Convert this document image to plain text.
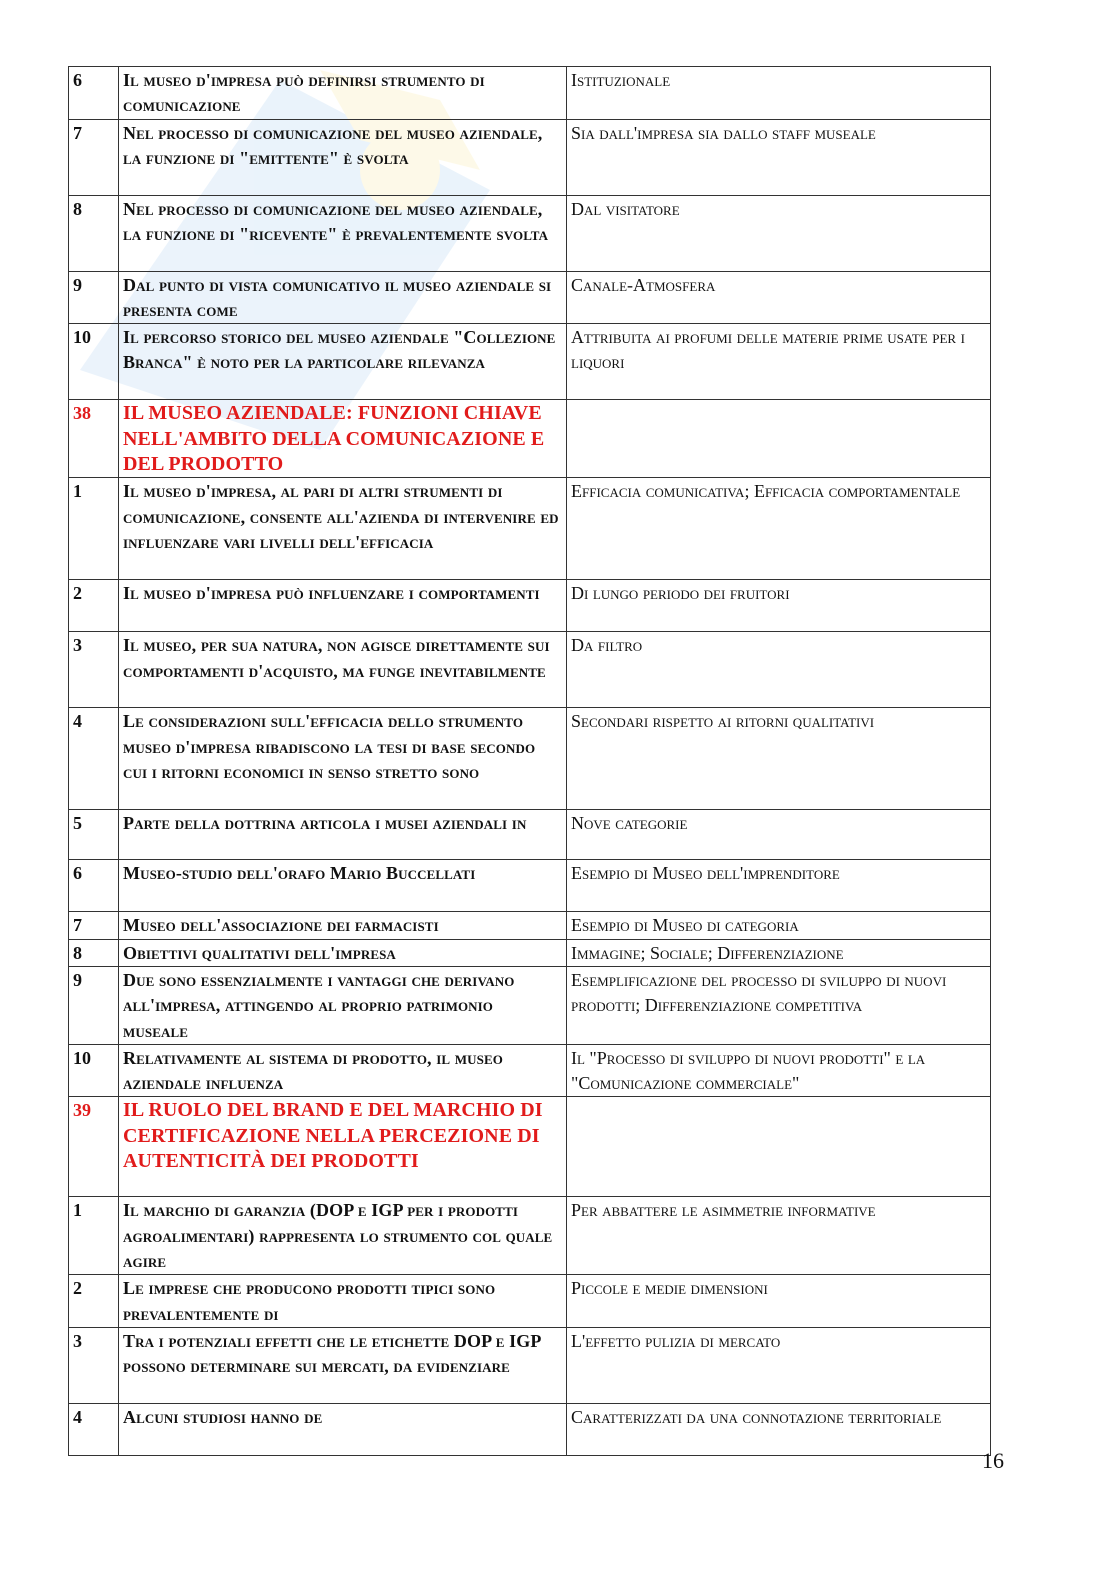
6	Il museo d'impresa può definirsi strumento di comunicazione	Istituzionale
7	Nel processo di comunicazione del museo aziendale, la funzione di "emittente" è svolta	Sia dall'impresa sia dallo staff museale
8	Nel processo di comunicazione del museo aziendale, la funzione di "ricevente" è prevalentemente svolta	Dal visitatore
9	Dal punto di vista comunicativo il museo aziendale si presenta come	Canale-Atmosfera
10	Il percorso storico del museo aziendale "Collezione Branca" è noto per la particolare rilevanza	Attribuita ai profumi delle materie prime usate per i liquori
38	IL MUSEO AZIENDALE: FUNZIONI CHIAVE NELL'AMBITO DELLA COMUNICAZIONE E DEL PRODOTTO	
1	Il museo d'impresa, al pari di altri strumenti di comunicazione, consente all'azienda di intervenire ed influenzare vari livelli dell'efficacia	Efficacia comunicativa; Efficacia comportamentale
2	Il museo d'impresa può influenzare i comportamenti	Di lungo periodo dei fruitori
3	Il museo, per sua natura, non agisce direttamente sui comportamenti d'acquisto, ma funge inevitabilmente	Da filtro
4	Le considerazioni sull'efficacia dello strumento museo d'impresa ribadiscono la tesi di base secondo cui i ritorni economici in senso stretto sono	Secondari rispetto ai ritorni qualitativi
5	Parte della dottrina articola i musei aziendali in	Nove categorie
6	Museo-studio dell'orafo Mario Buccellati	Esempio di Museo dell'imprenditore
7	Museo dell'associazione dei farmacisti	Esempio di Museo di categoria
8	Obiettivi qualitativi dell'impresa	Immagine; Sociale; Differenziazione
9	Due sono essenzialmente i vantaggi che derivano all'impresa, attingendo al proprio patrimonio museale	Esemplificazione del processo di sviluppo di nuovi prodotti; Differenziazione competitiva
10	Relativamente al sistema di prodotto, il museo aziendale influenza	Il "Processo di sviluppo di nuovi prodotti" e la "Comunicazione commerciale"
39	IL RUOLO DEL BRAND E DEL MARCHIO DI CERTIFICAZIONE NELLA PERCEZIONE DI AUTENTICITÀ DEI PRODOTTI	
1	Il marchio di garanzia (DOP e IGP per i prodotti agroalimentari) rappresenta lo strumento col quale agire	Per abbattere le asimmetrie informative
2	Le imprese che producono prodotti tipici sono prevalentemente di	Piccole e medie dimensioni
3	Tra i potenziali effetti che le etichette DOP e IGP possono determinare sui mercati, da evidenziare	L'effetto pulizia di mercato
4	Alcuni studiosi hanno de	Caratterizzati da una connotazione territoriale
16
